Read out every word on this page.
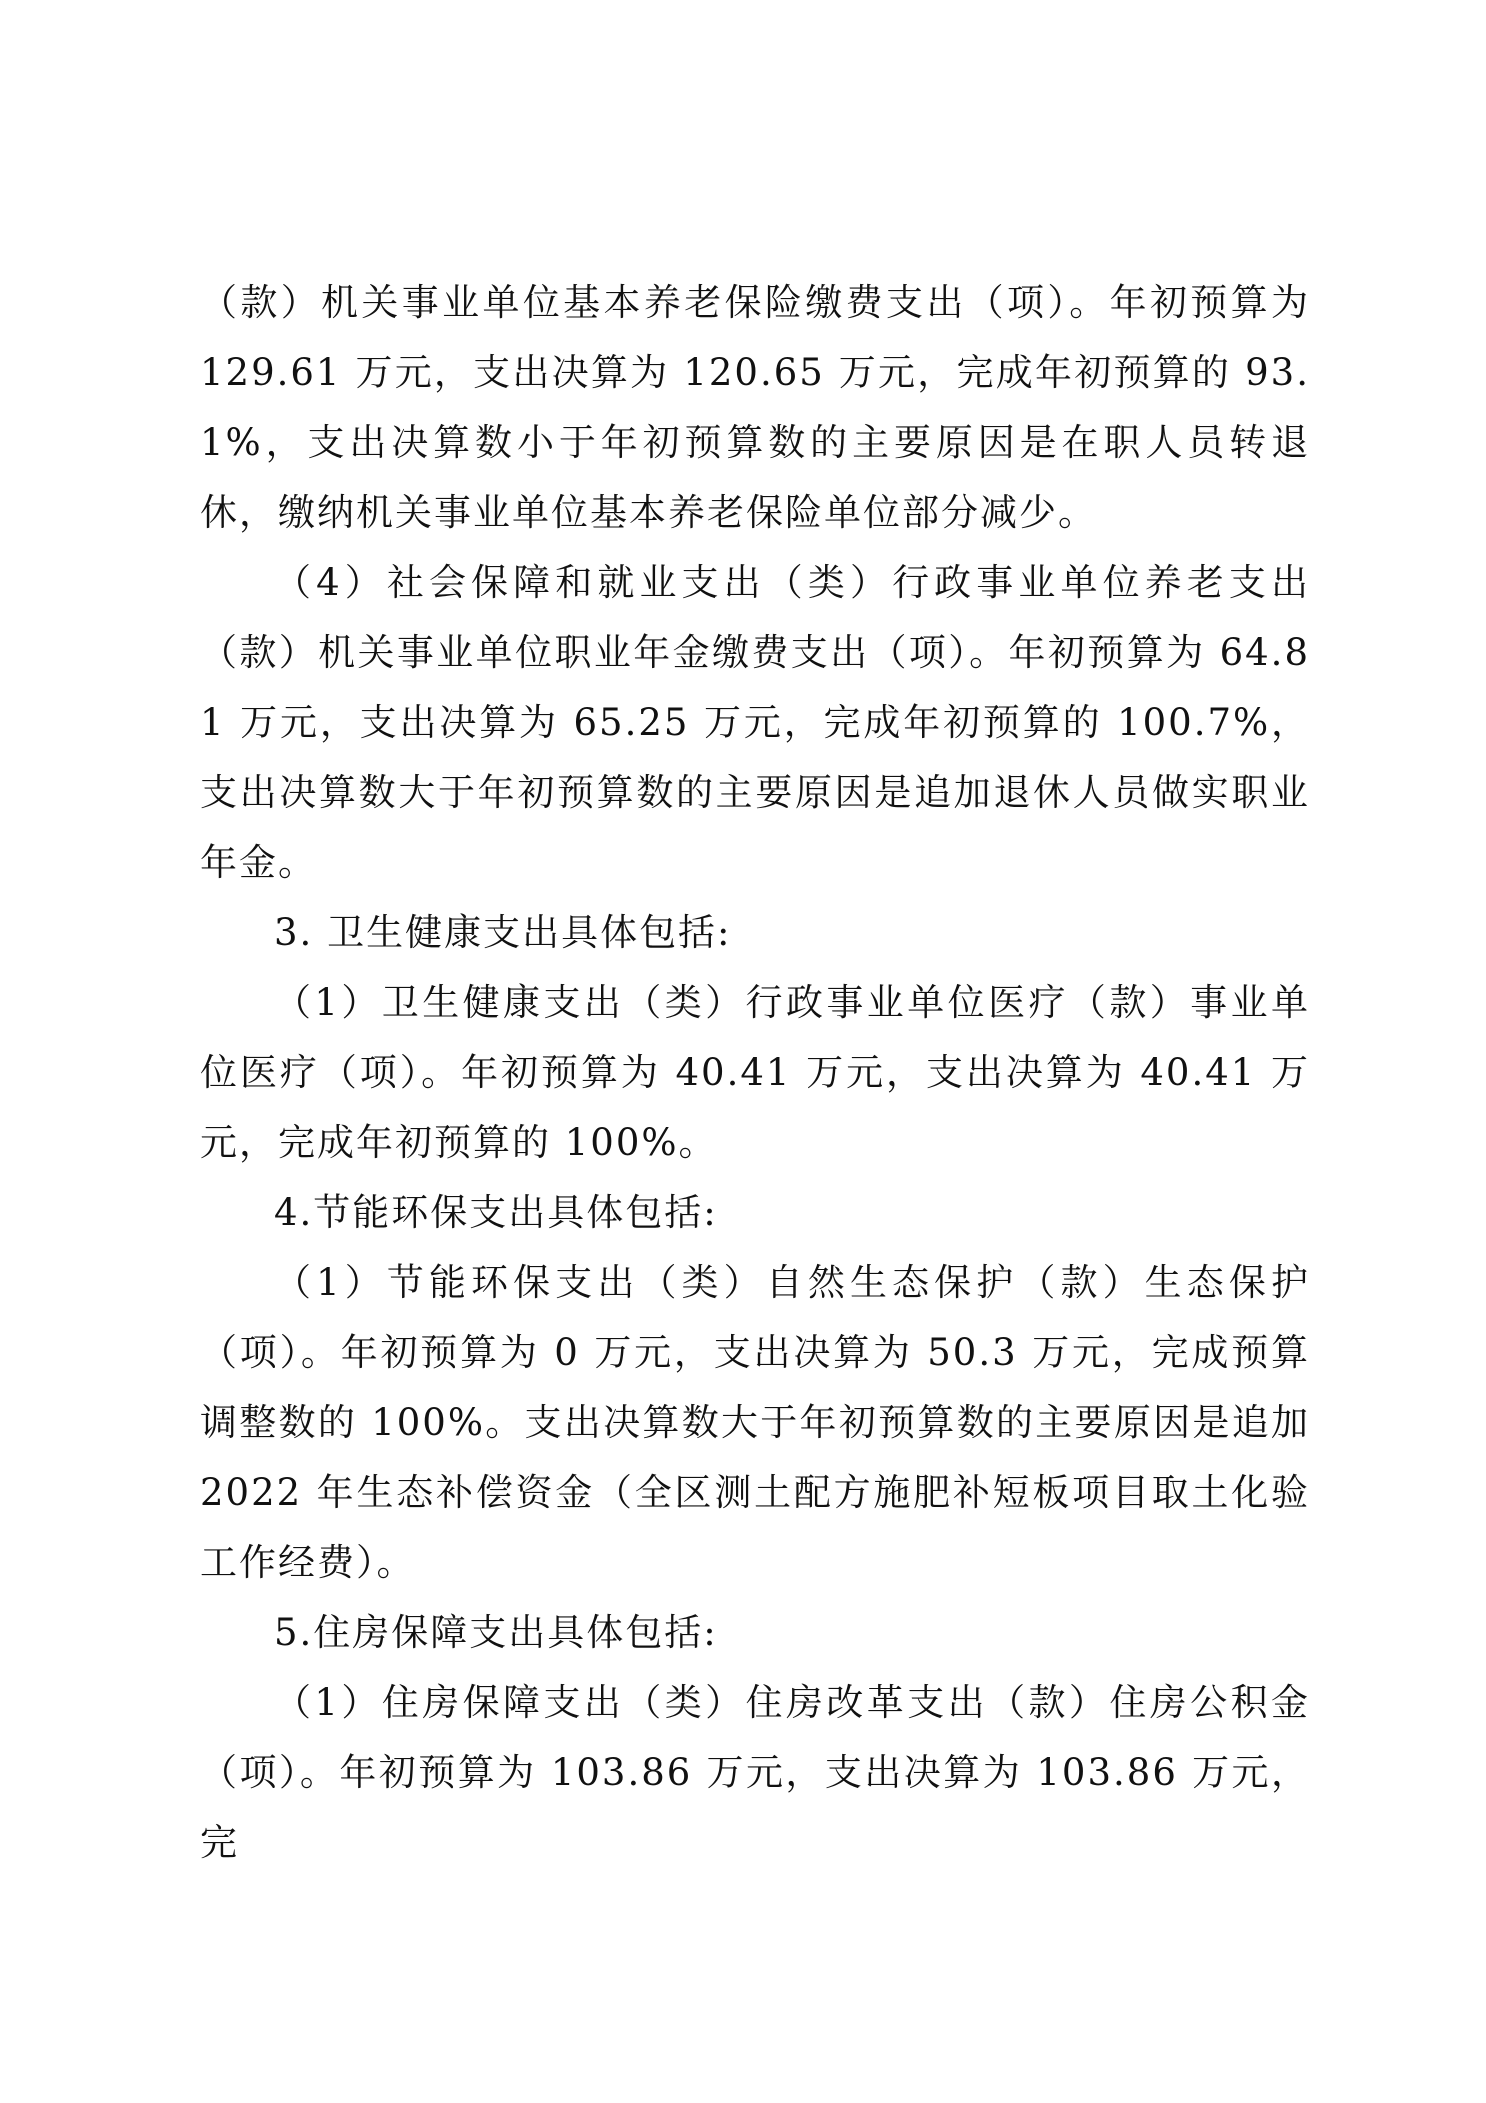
（款）机关事业单位基本养老保险缴费支出（项）。年初预算为 129.61 万元，支出决算为 120.65 万元，完成年初预算的 93.1%，支出决算数小于年初预算数的主要原因是在职人员转退休，缴纳机关事业单位基本养老保险单位部分减少。

（4）社会保障和就业支出（类）行政事业单位养老支出（款）机关事业单位职业年金缴费支出（项）。年初预算为 64.81 万元，支出决算为 65.25 万元，完成年初预算的 100.7%，支出决算数大于年初预算数的主要原因是追加退休人员做实职业年金。

3. 卫生健康支出具体包括:

（1）卫生健康支出（类）行政事业单位医疗（款）事业单位医疗（项）。年初预算为 40.41 万元，支出决算为 40.41 万元，完成年初预算的 100%。

4.节能环保支出具体包括:

（1）节能环保支出（类）自然生态保护（款）生态保护（项）。年初预算为 0 万元，支出决算为 50.3 万元，完成预算调整数的 100%。支出决算数大于年初预算数的主要原因是追加 2022 年生态补偿资金（全区测土配方施肥补短板项目取土化验工作经费）。

5.住房保障支出具体包括:

（1）住房保障支出（类）住房改革支出（款）住房公积金（项）。年初预算为 103.86 万元，支出决算为 103.86 万元，完
